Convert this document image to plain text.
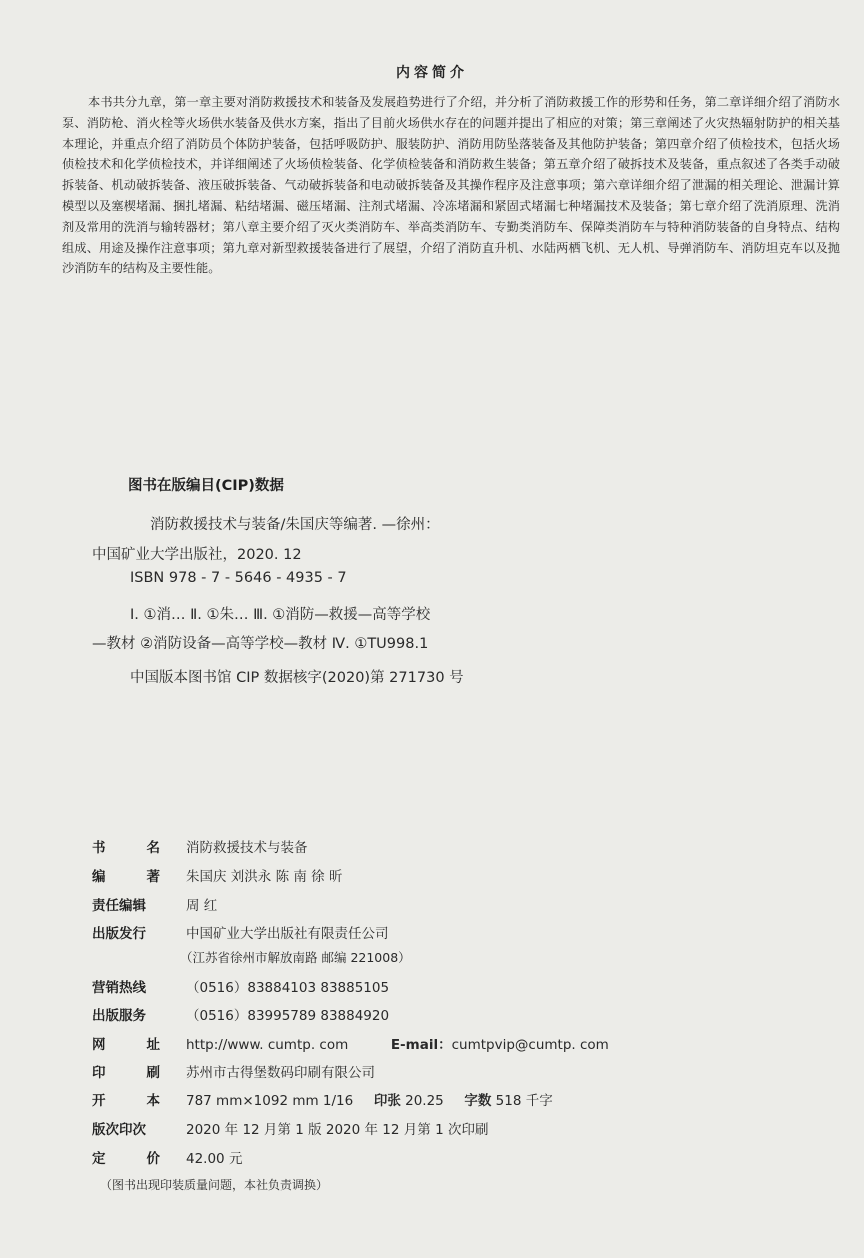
内容简介
本书共分九章，第一章主要对消防救援技术和装备及发展趋势进行了介绍，并分析了消防救援工作的形势和任务，第二章详细介绍了消防水泵、消防枪、消火栓等火场供水装备及供水方案，指出了目前火场供水存在的问题并提出了相应的对策；第三章阐述了火灾热辐射防护的相关基本理论，并重点介绍了消防员个体防护装备，包括呼吸防护、服装防护、消防用防坠落装备及其他防护装备；第四章介绍了侦检技术，包括火场侦检技术和化学侦检技术，并详细阐述了火场侦检装备、化学侦检装备和消防救生装备；第五章介绍了破拆技术及装备，重点叙述了各类手动破拆装备、机动破拆装备、液压破拆装备、气动破拆装备和电动破拆装备及其操作程序及注意事项；第六章详细介绍了泄漏的相关理论、泄漏计算模型以及塞楔堵漏、捆扎堵漏、粘结堵漏、磁压堵漏、注剂式堵漏、冷冻堵漏和紧固式堵漏七种堵漏技术及装备；第七章介绍了洗消原理、洗消剂及常用的洗消与输转器材；第八章主要介绍了灭火类消防车、举高类消防车、专勤类消防车、保障类消防车与特种消防装备的自身特点、结构组成、用途及操作注意事项；第九章对新型救援装备进行了展望，介绍了消防直升机、水陆两栖飞机、无人机、导弹消防车、消防坦克车以及抛沙消防车的结构及主要性能。
图书在版编目(CIP)数据
消防救援技术与装备/朱国庆等编著. —徐州：
中国矿业大学出版社，2020. 12
ISBN 978 - 7 - 5646 - 4935 - 7
Ⅰ. ①消… Ⅱ. ①朱… Ⅲ. ①消防—救援—高等学校
—教材 ②消防设备—高等学校—教材 Ⅳ. ①TU998.1
中国版本图书馆 CIP 数据核字(2020)第 271730 号
书	名 消防救援技术与装备
编	著 朱国庆 刘洪永 陈 南 徐 昕
责任编辑	周 红
出版发行	中国矿业大学出版社有限责任公司
（江苏省徐州市解放南路 邮编 221008）
营销热线	（0516）83884103 83885105
出版服务	（0516）83995789 83884920
网	址 http://www. cumtp. com	E-mail：cumtpvip@cumtp. com
印	刷 苏州市古得堡数码印刷有限公司
开	本 787 mm×1092 mm 1/16 印张 20.25 字数 518 千字
版次印次	2020 年 12 月第 1 版 2020 年 12 月第 1 次印刷
定	价 42.00 元
（图书出现印装质量问题，本社负责调换）
